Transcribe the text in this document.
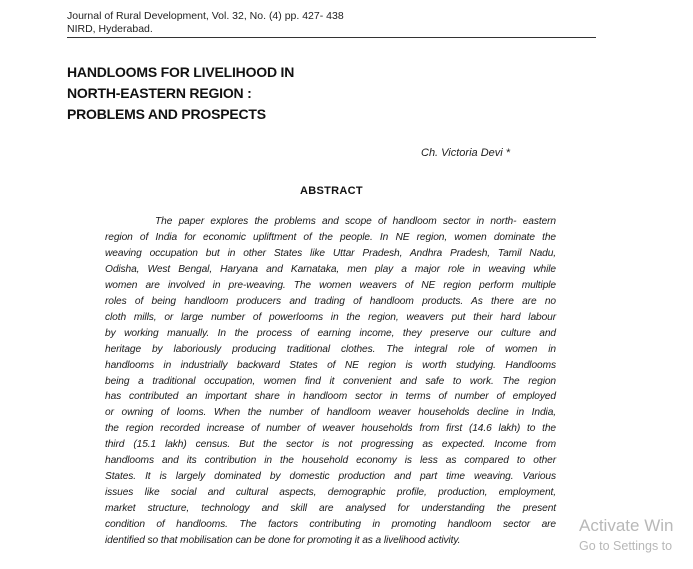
Journal of Rural Development, Vol. 32, No. (4) pp. 427- 438
NIRD, Hyderabad.
HANDLOOMS FOR LIVELIHOOD IN
NORTH-EASTERN REGION :
PROBLEMS AND PROSPECTS
Ch. Victoria Devi *
ABSTRACT
The paper explores the problems and scope of handloom sector in north- eastern
region of India for economic upliftment of the people. In NE region, women dominate the
weaving occupation but in other States like Uttar Pradesh, Andhra Pradesh, Tamil Nadu,
Odisha, West Bengal, Haryana and Karnataka, men play a major role in weaving while
women are involved in pre-weaving. The women weavers of NE region perform multiple
roles of being handloom producers and trading of handloom products. As there are no
cloth mills, or large number of powerlooms in the region, weavers put their hard labour
by working manually. In the process of earning income, they preserve our culture and
heritage by laboriously producing traditional clothes. The integral role of women in
handlooms in industrially backward States of NE region is worth studying. Handlooms
being a traditional occupation, women find it convenient and safe to work. The region
has contributed an important share in handloom sector in terms of number of employed
or owning of looms. When the number of handloom weaver households decline in India,
the region recorded increase of number of weaver households from first (14.6 lakh) to the
third (15.1 lakh) census. But the sector is not progressing as expected. Income from
handlooms and its contribution in the household economy is less as compared to other
States. It is largely dominated by domestic production and part time weaving. Various
issues like social and cultural aspects, demographic profile, production, employment,
market structure, technology and skill are analysed for understanding the present
condition of handlooms. The factors contributing in promoting handloom sector are
identified so that mobilisation can be done for promoting it as a livelihood activity.
Activate Win
Go to Settings to
